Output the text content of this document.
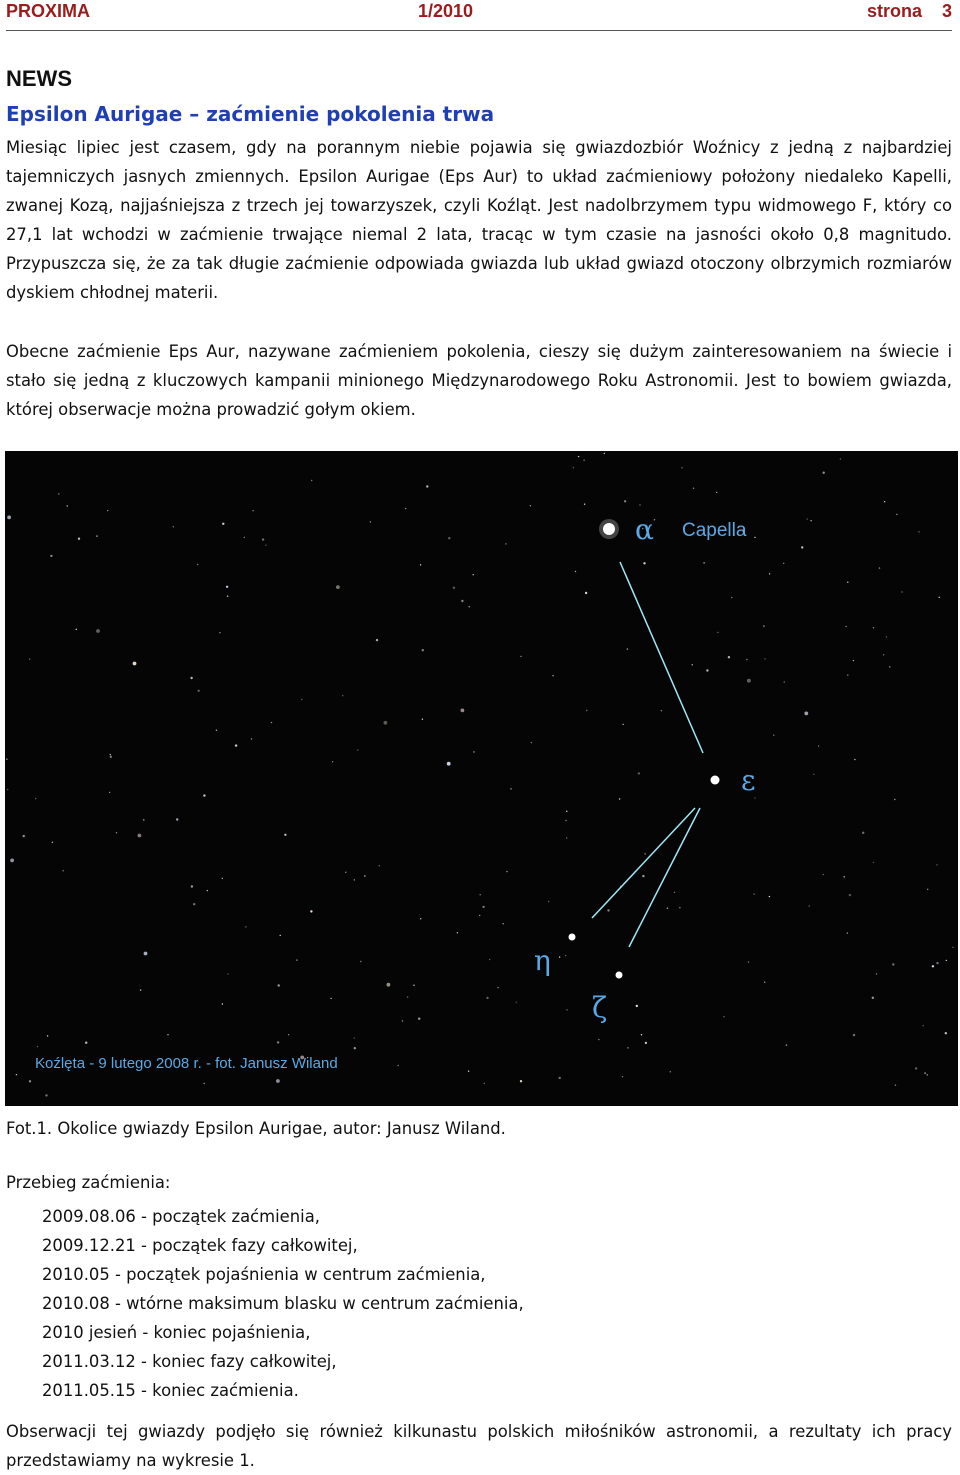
PROXIMA	1/2010	strona 3
NEWS
Epsilon Aurigae – zaćmienie pokolenia trwa

Miesiąc lipiec jest czasem, gdy na porannym niebie pojawia się gwiazdozbiór Woźnicy z jedną z najbardziej tajemniczych jasnych zmiennych. Epsilon Aurigae (Eps Aur) to układ zaćmieniowy położony niedaleko Kapelli, zwanej Kozą, najjaśniejsza z trzech jej towarzyszek, czyli Koźląt. Jest nadolbrzymem typu widmowego F, który co 27,1 lat wchodzi w zaćmienie trwające niemal 2 lata, tracąc w tym czasie na jasności około 0,8 magnitudo. Przypuszcza się, że za tak długie zaćmienie odpowiada gwiazda lub układ gwiazd otoczony olbrzymich rozmiarów dyskiem chłodnej materii.

Obecne zaćmienie Eps Aur, nazywane zaćmieniem pokolenia, cieszy się dużym zainteresowaniem na świecie i stało się jedną z kluczowych kampanii minionego Międzynarodowego Roku Astronomii. Jest to bowiem gwiazda, której obserwacje można prowadzić gołym okiem.

α Capella
ε
η
ζ
Koźlęta - 9 lutego 2008 r. - fot. Janusz Wiland
Fot.1. Okolice gwiazdy Epsilon Aurigae, autor: Janusz Wiland.
Przebieg zaćmienia:
2009.08.06 - początek zaćmienia,
2009.12.21 - początek fazy całkowitej,
2010.05 - początek pojaśnienia w centrum zaćmienia,
2010.08 - wtórne maksimum blasku w centrum zaćmienia,
2010 jesień - koniec pojaśnienia,
2011.03.12 - koniec fazy całkowitej,
2011.05.15 - koniec zaćmienia.

Obserwacji tej gwiazdy podjęło się również kilkunastu polskich miłośników astronomii, a rezultaty ich pracy przedstawiamy na wykresie 1.
